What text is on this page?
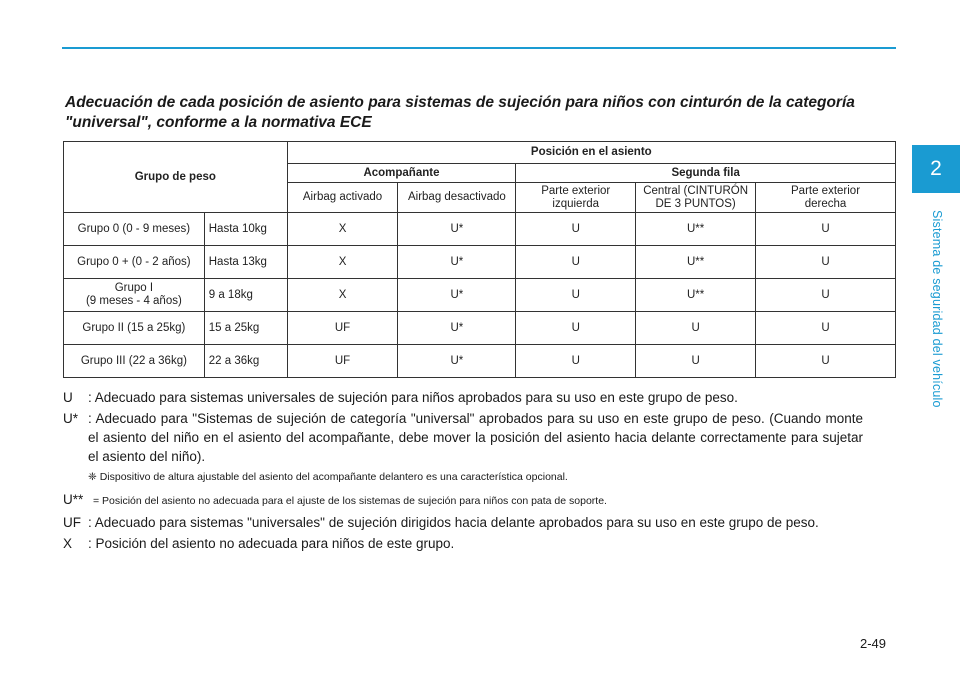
2
Sistema de seguridad del vehículo
Adecuación de cada posición de asiento para sistemas de sujeción para niños con cinturón de la categoría "universal", conforme a la normativa ECE
Grupo de peso		Posición en el asiento				
		Acompañante		Segunda fila		
		Airbag activado	Airbag desactivado	Parte exterior izquierda	Central (CINTURÓN DE 3 PUNTOS)	Parte exterior derecha
Grupo 0 (0 - 9 meses)	Hasta 10kg	X	U*	U	U**	U
Grupo 0 + (0 - 2 años)	Hasta 13kg	X	U*	U	U**	U

Grupo I
(9 meses - 4 años)	9 a 18kg	X	U*	U	U**	U
Grupo II (15 a 25kg)	15 a 25kg	UF	U*	U	U	U
Grupo III (22 a 36kg)	22 a 36kg	UF	U*	U	U	U
U	: Adecuado para sistemas universales de sujeción para niños aprobados para su uso en este grupo de peso.
U* : Adecuado para "Sistemas de sujeción de categoría "universal" aprobados para su uso en este grupo de peso. (Cuando monte el asiento del niño en el asiento del acompañante, debe mover la posición del asiento hacia delante correctamente para sujetar el asiento del niño).
❈ Dispositivo de altura ajustable del asiento del acompañante delantero es una característica opcional.
U** = Posición del asiento no adecuada para el ajuste de los sistemas de sujeción para niños con pata de soporte.
UF : Adecuado para sistemas "universales" de sujeción dirigidos hacia delante aprobados para su uso en este grupo de peso.
X	: Posición del asiento no adecuada para niños de este grupo.
2-49
